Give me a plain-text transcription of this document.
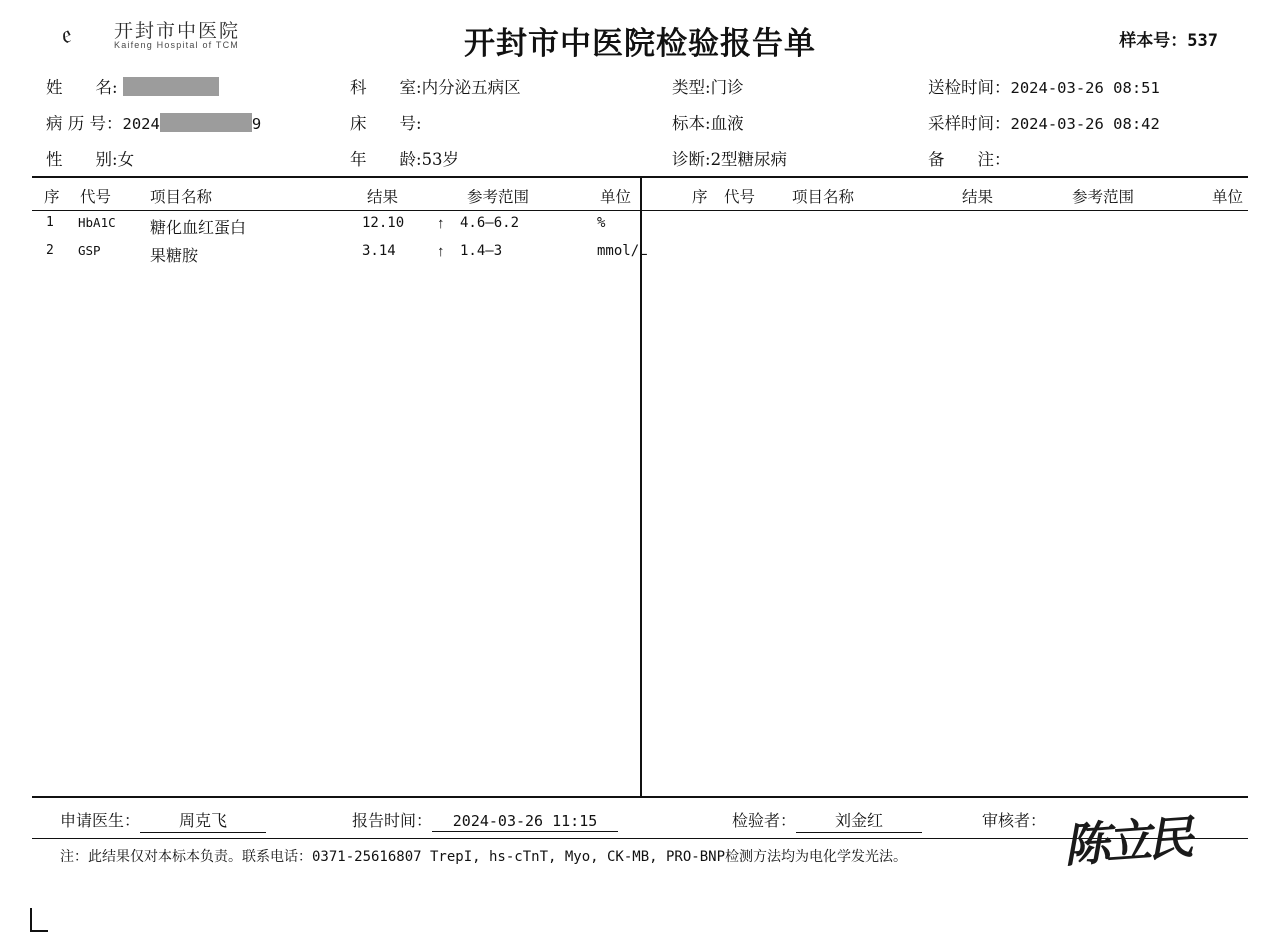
𝔢	开封市中医院
Kaifeng Hospital of TCM	开封市中医院检验报告单	样本号：537
姓　　名:	科　　室:内分泌五病区	类型:门诊	送检时间：2024-03-26 08:51
病 历 号：2024	9	床　　号:	标本:血液	采样时间：2024-03-26 08:42
性　　别:女	年　　龄:53岁	诊断:2型糖尿病	备　　注：
序 代号	项目名称	结果	参考范围	单位	序 代号 项目名称	结果	参考范围	单位
1 HbA1C 糖化血红蛋白	12.10 ↑ 4.6—6.2	%
2 GSP	果糖胺	3.14	↑ 1.4—3	mmol/L
申请医生： 周克飞	报告时间： 2024-03-26 11:15	检验者： 刘金红	审核者： 陈立民
注：此结果仅对本标本负责。联系电话：0371-25616807 TrepI, hs-cTnT, Myo, CK-MB, PRO-BNP检测方法均为电化学发光法。
